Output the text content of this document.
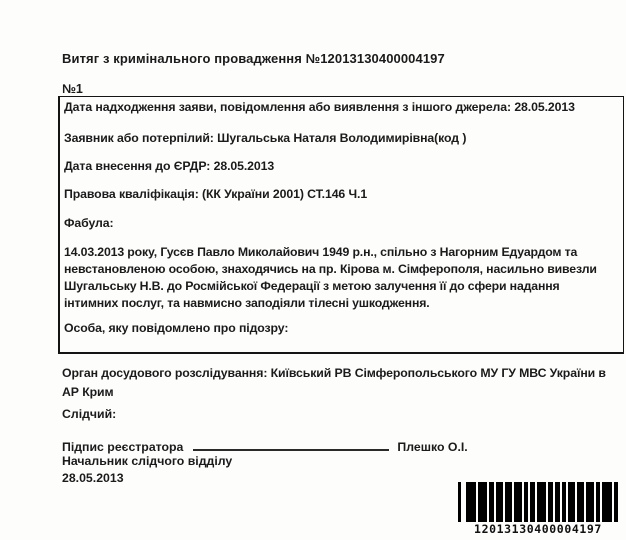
Витяг з кримінального провадження №12013130400004197
№1
Дата надходження заяви, повідомлення або виявлення з іншого джерела: 28.05.2013
Заявник або потерпілий: Шугальська Наталя Володимирівна(код )
Дата внесення до ЄРДР: 28.05.2013
Правова кваліфікація: (КК України 2001) СТ.146 Ч.1
Фабула:
14.03.2013 року, Гусєв Павло Миколайович 1949 р.н., спільно з Нагорним Едуардом та невстановленою особою, знаходячись на пр. Кірова м. Сімферополя, насильно вивезли Шугальську Н.В. до Росмійської Федерації з метою залучення її до сфери надання інтимних послуг, та навмисно заподіяли тілесні ушкодження.
Особа, яку повідомлено про підозру:
Орган досудового розслідування: Київський РВ Сімферопольського МУ ГУ МВС України в АР Крим
Слідчий:
Підпис реєстратора	Плешко О.І.
Начальник слідчого відділу
28.05.2013
12013130400004197
